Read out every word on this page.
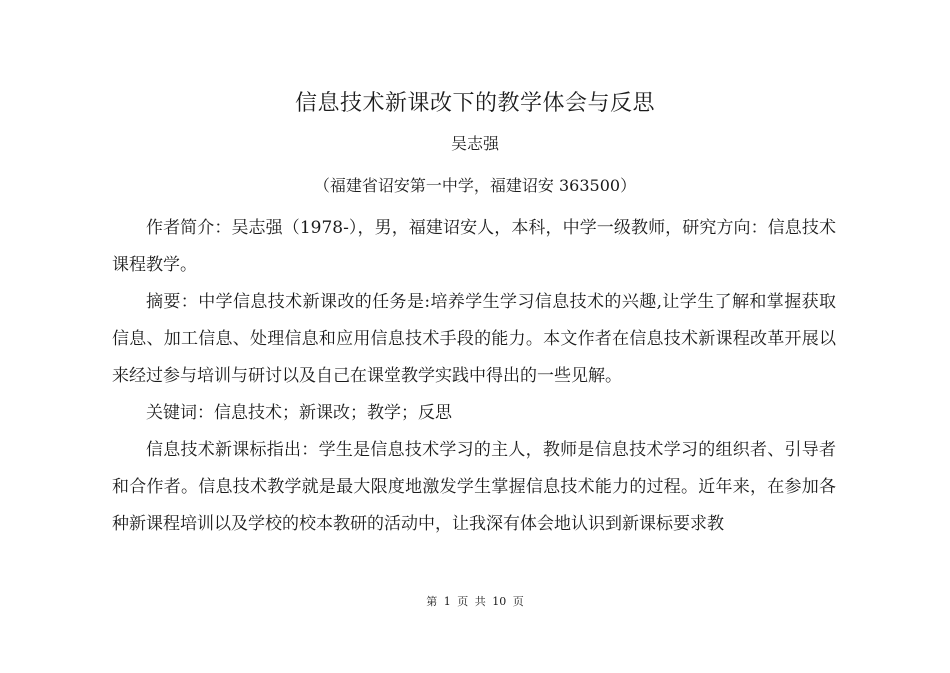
信息技术新课改下的教学体会与反思
吴志强
（福建省诏安第一中学，福建诏安 363500）

作者简介：吴志强（1978-），男，福建诏安人，本科，中学一级教师，研究方向：信息技术课程教学。

摘要：中学信息技术新课改的任务是:培养学生学习信息技术的兴趣,让学生了解和掌握获取信息、加工信息、处理信息和应用信息技术手段的能力。本文作者在信息技术新课程改革开展以来经过参与培训与研讨以及自己在课堂教学实践中得出的一些见解。

关键词：信息技术；新课改；教学；反思

信息技术新课标指出：学生是信息技术学习的主人，教师是信息技术学习的组织者、引导者和合作者。信息技术教学就是最大限度地激发学生掌握信息技术能力的过程。近年来，在参加各种新课程培训以及学校的校本教研的活动中，让我深有体会地认识到新课标要求教

第 1 页 共 10 页
